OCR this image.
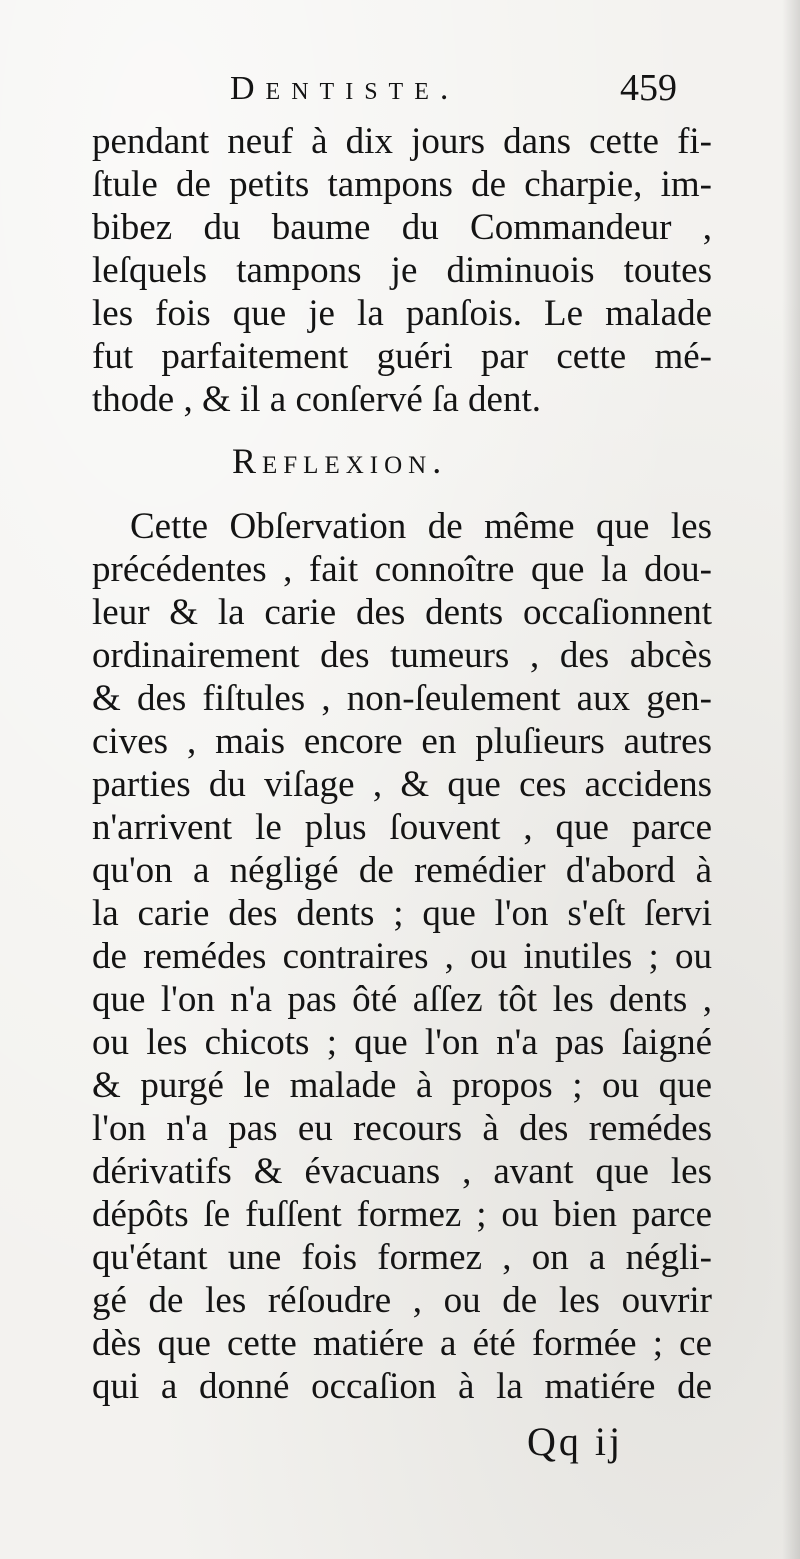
Dentiste.	459
pendant neuf à dix jours dans cette fi-
ſtule de petits tampons de charpie, im-
bibez du baume du Commandeur ,
leſquels tampons je diminuois toutes
les fois que je la panſois. Le malade
fut parfaitement guéri par cette mé-
thode , & il a conſervé ſa dent.
Reflexion.
Cette Obſervation de même que les
précédentes , fait connoître que la dou-
leur & la carie des dents occaſionnent
ordinairement des tumeurs , des abcès
& des fiſtules , non-ſeulement aux gen-
cives , mais encore en pluſieurs autres
parties du viſage , & que ces accidens
n'arrivent le plus ſouvent , que parce
qu'on a négligé de remédier d'abord à
la carie des dents ; que l'on s'eſt ſervi
de remédes contraires , ou inutiles ; ou
que l'on n'a pas ôté aſſez tôt les dents ,
ou les chicots ; que l'on n'a pas ſaigné
& purgé le malade à propos ; ou que
l'on n'a pas eu recours à des remédes
dérivatifs & évacuans , avant que les
dépôts ſe fuſſent formez ; ou bien parce
qu'étant une fois formez , on a négli-
gé de les réſoudre , ou de les ouvrir
dès que cette matiére a été formée ; ce
qui a donné occaſion à la matiére de
Qq ij
